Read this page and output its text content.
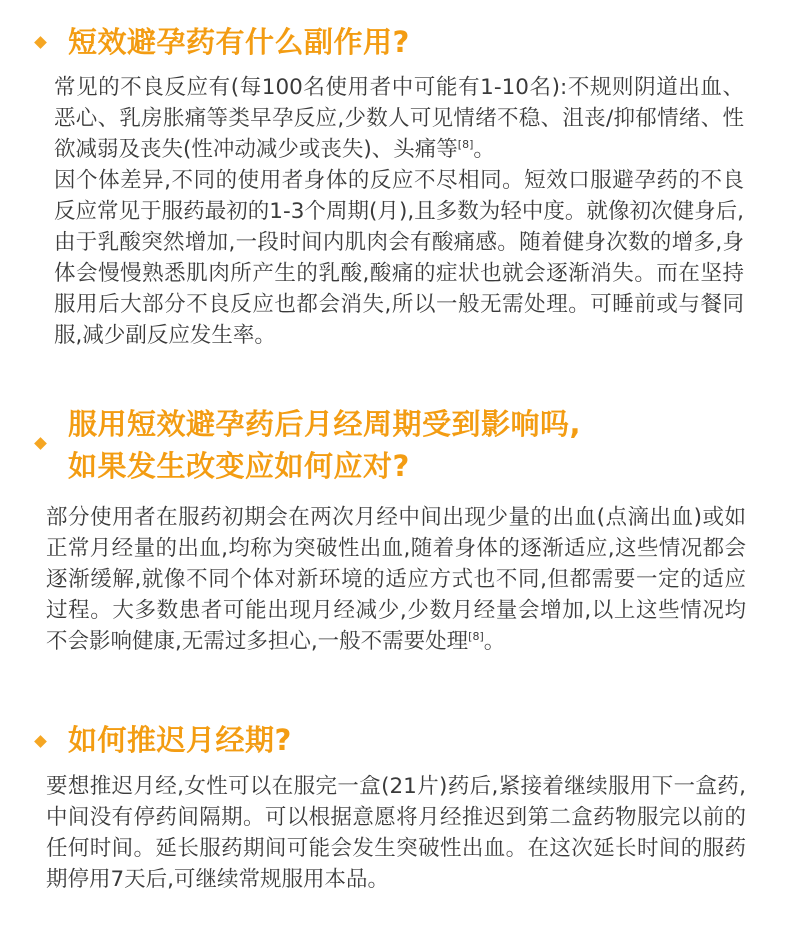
短效避孕药有什么副作用?

常见的不良反应有(每100名使用者中可能有1-10名):不规则阴道出血、恶心、乳房胀痛等类早孕反应,少数人可见情绪不稳、沮丧/抑郁情绪、性欲减弱及丧失(性冲动减少或丧失)、头痛等[8]。

因个体差异,不同的使用者身体的反应不尽相同。短效口服避孕药的不良反应常见于服药最初的1-3个周期(月),且多数为轻中度。就像初次健身后,由于乳酸突然增加,一段时间内肌肉会有酸痛感。随着健身次数的增多,身体会慢慢熟悉肌肉所产生的乳酸,酸痛的症状也就会逐渐消失。而在坚持服用后大部分不良反应也都会消失,所以一般无需处理。可睡前或与餐同服,减少副反应发生率。

服用短效避孕药后月经周期受到影响吗,
如果发生改变应如何应对?

部分使用者在服药初期会在两次月经中间出现少量的出血(点滴出血)或如正常月经量的出血,均称为突破性出血,随着身体的逐渐适应,这些情况都会逐渐缓解,就像不同个体对新环境的适应方式也不同,但都需要一定的适应过程。大多数患者可能出现月经减少,少数月经量会增加,以上这些情况均不会影响健康,无需过多担心,一般不需要处理[8]。

如何推迟月经期?

要想推迟月经,女性可以在服完一盒(21片)药后,紧接着继续服用下一盒药,中间没有停药间隔期。可以根据意愿将月经推迟到第二盒药物服完以前的任何时间。延长服药期间可能会发生突破性出血。在这次延长时间的服药期停用7天后,可继续常规服用本品。
